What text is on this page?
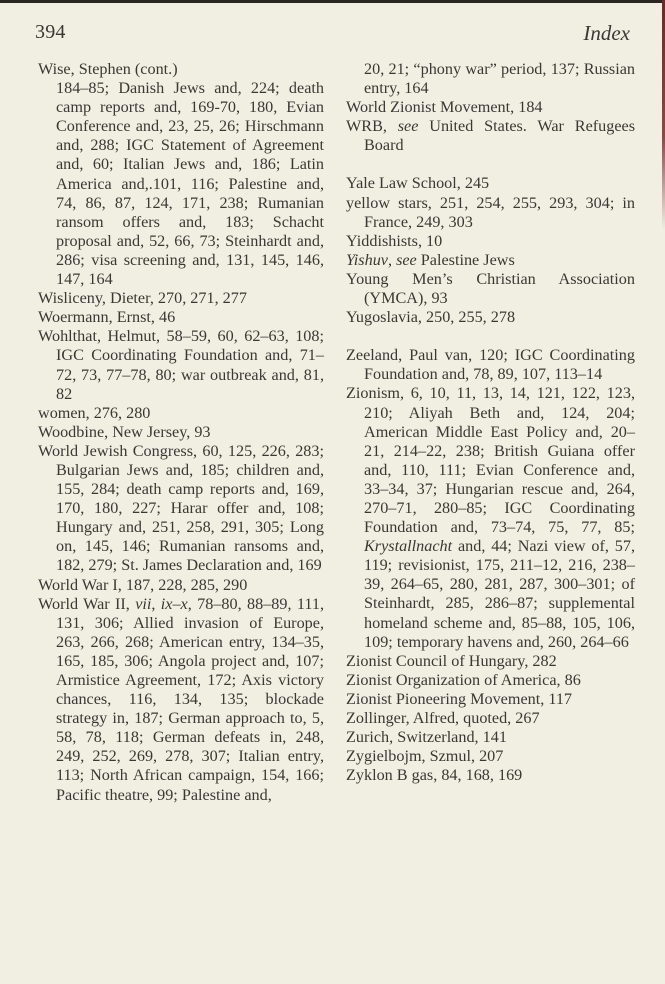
394	Index
Wise, Stephen (cont.)
184–85; Danish Jews and, 224; death camp reports and, 169-70, 180, Evian Conference and, 23, 25, 26; Hirschmann and, 288; IGC Statement of Agreement and, 60; Italian Jews and, 186; Latin America and,.101, 116; Palestine and, 74, 86, 87, 124, 171, 238; Rumanian ransom offers and, 183; Schacht proposal and, 52, 66, 73; Steinhardt and, 286; visa screening and, 131, 145, 146, 147, 164
Wisliceny, Dieter, 270, 271, 277
Woermann, Ernst, 46
Wohlthat, Helmut, 58–59, 60, 62–63, 108; IGC Coordinating Foundation and, 71–72, 73, 77–78, 80; war outbreak and, 81, 82
women, 276, 280
Woodbine, New Jersey, 93
World Jewish Congress, 60, 125, 226, 283; Bulgarian Jews and, 185; children and, 155, 284; death camp reports and, 169, 170, 180, 227; Harar offer and, 108; Hungary and, 251, 258, 291, 305; Long on, 145, 146; Rumanian ransoms and, 182, 279; St. James Declaration and, 169
World War I, 187, 228, 285, 290
World War II, vii, ix–x, 78–80, 88–89, 111, 131, 306; Allied invasion of Europe, 263, 266, 268; American entry, 134–35, 165, 185, 306; Angola project and, 107; Armistice Agreement, 172; Axis victory chances, 116, 134, 135; blockade strategy in, 187; German approach to, 5, 58, 78, 118; German defeats in, 248, 249, 252, 269, 278, 307; Italian entry, 113; North African campaign, 154, 166; Pacific theatre, 99; Palestine and,
20, 21; “phony war” period, 137; Russian entry, 164
World Zionist Movement, 184
WRB, see United States. War Refugees Board
Yale Law School, 245
yellow stars, 251, 254, 255, 293, 304; in France, 249, 303
Yiddishists, 10
Yishuv, see Palestine Jews
Young Men’s Christian Association (YMCA), 93
Yugoslavia, 250, 255, 278
Zeeland, Paul van, 120; IGC Coordinating Foundation and, 78, 89, 107, 113–14
Zionism, 6, 10, 11, 13, 14, 121, 122, 123, 210; Aliyah Beth and, 124, 204; American Middle East Policy and, 20–21, 214–22, 238; British Guiana offer and, 110, 111; Evian Conference and, 33–34, 37; Hungarian rescue and, 264, 270–71, 280–85; IGC Coordinating Foundation and, 73–74, 75, 77, 85; Krystallnacht and, 44; Nazi view of, 57, 119; revisionist, 175, 211–12, 216, 238–39, 264–65, 280, 281, 287, 300–301; of Steinhardt, 285, 286–87; supplemental homeland scheme and, 85–88, 105, 106, 109; temporary havens and, 260, 264–66
Zionist Council of Hungary, 282
Zionist Organization of America, 86
Zionist Pioneering Movement, 117
Zollinger, Alfred, quoted, 267
Zurich, Switzerland, 141
Zygielbojm, Szmul, 207
Zyklon B gas, 84, 168, 169
